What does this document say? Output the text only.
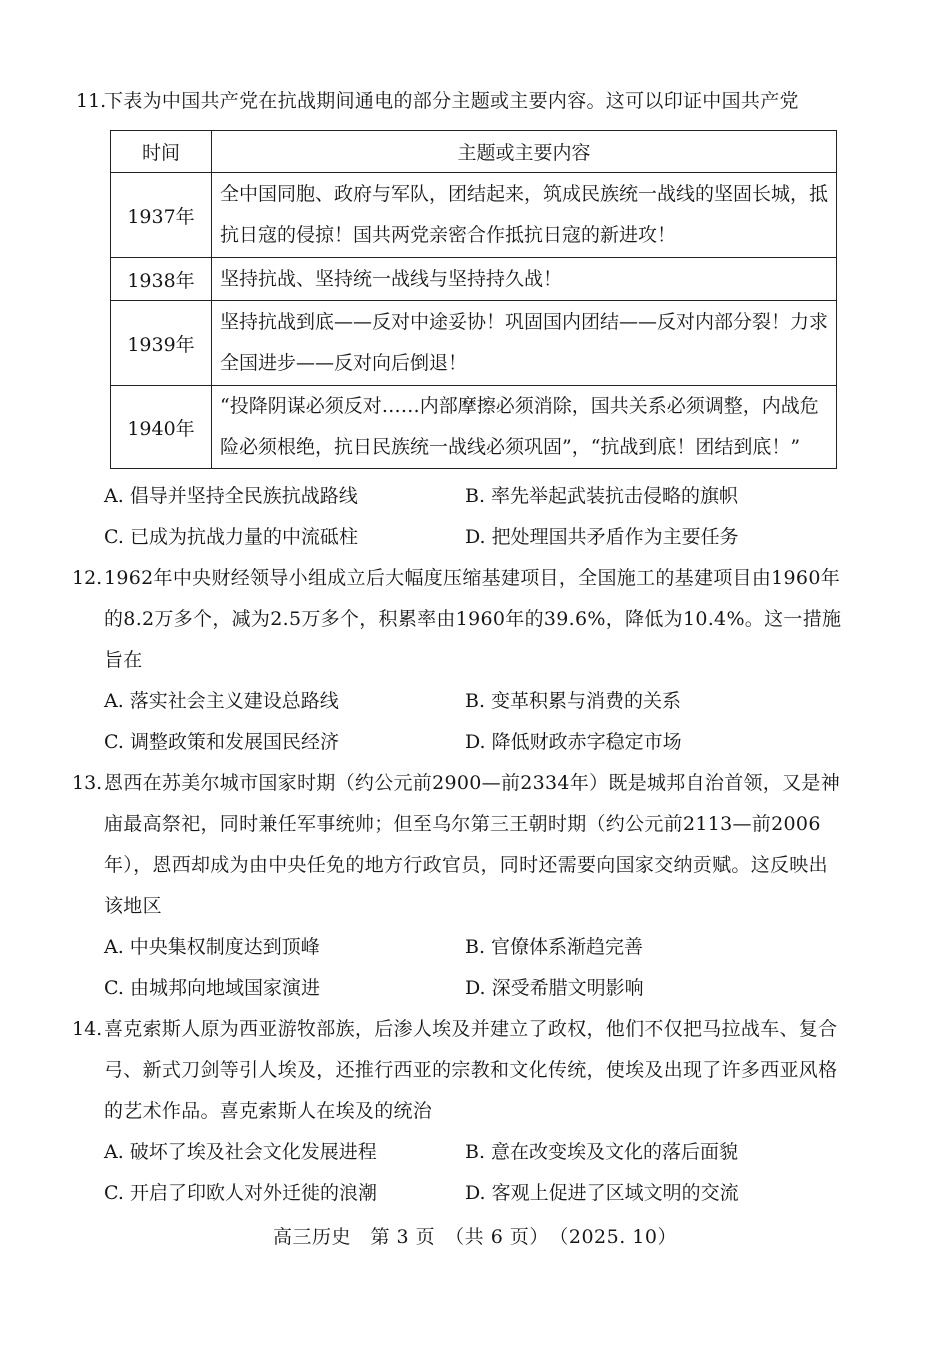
11.
下表为中国共产党在抗战期间通电的部分主题或主要内容。这可以印证中国共产党
时间	主题或主要内容
1937年	全中国同胞、政府与军队，团结起来，筑成民族统一战线的坚固长城，抵抗日寇的侵掠！国共两党亲密合作抵抗日寇的新进攻！
1938年	坚持抗战、坚持统一战线与坚持持久战！
1939年	坚持抗战到底——反对中途妥协！巩固国内团结——反对内部分裂！力求全国进步——反对向后倒退！
1940年	“投降阴谋必须反对……内部摩擦必须消除，国共关系必须调整，内战危险必须根绝，抗日民族统一战线必须巩固”，“抗战到底！团结到底！”
A. 倡导并坚持全民族抗战路线	B. 率先举起武装抗击侵略的旗帜
C. 已成为抗战力量的中流砥柱	D. 把处理国共矛盾作为主要任务
12. 1962年中央财经领导小组成立后大幅度压缩基建项目，全国施工的基建项目由1960年
的8.2万多个，减为2.5万多个，积累率由1960年的39.6%，降低为10.4%。这一措施
旨在
A. 落实社会主义建设总路线	B. 变革积累与消费的关系
C. 调整政策和发展国民经济	D. 降低财政赤字稳定市场
13. 恩西在苏美尔城市国家时期（约公元前2900—前2334年）既是城邦自治首领，又是神
庙最高祭祀，同时兼任军事统帅；但至乌尔第三王朝时期（约公元前2113—前2006
年），恩西却成为由中央任免的地方行政官员，同时还需要向国家交纳贡赋。这反映出
该地区
A. 中央集权制度达到顶峰	B. 官僚体系渐趋完善
C. 由城邦向地域国家演进	D. 深受希腊文明影响
14. 喜克索斯人原为西亚游牧部族，后渗人埃及并建立了政权，他们不仅把马拉战车、复合
弓、新式刀剑等引人埃及，还推行西亚的宗教和文化传统，使埃及出现了许多西亚风格
的艺术作品。喜克索斯人在埃及的统治
A. 破坏了埃及社会文化发展进程	B. 意在改变埃及文化的落后面貌
C. 开启了印欧人对外迁徙的浪潮	D. 客观上促进了区域文明的交流
高三历史　第 3 页　（共 6 页）　（2025. 10）
